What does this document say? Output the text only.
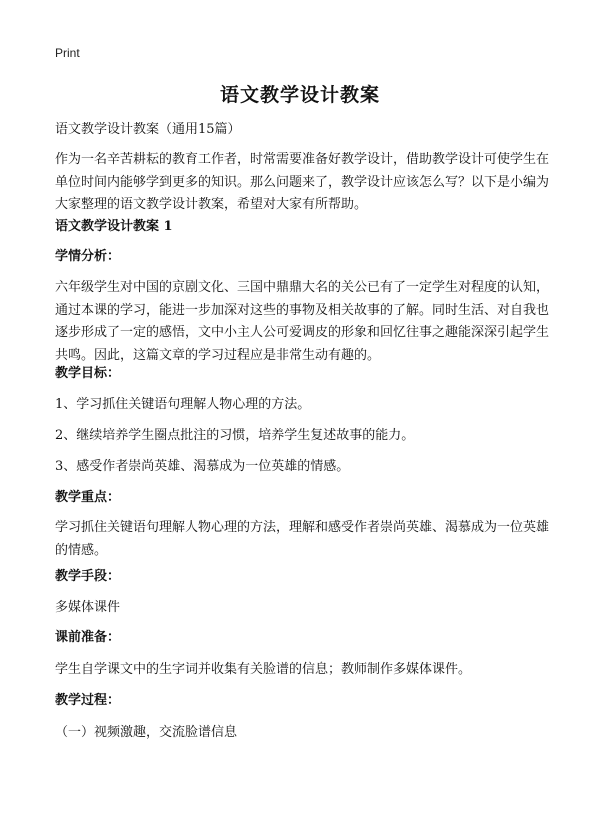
Print
语文教学设计教案
语文教学设计教案（通用15篇）
作为一名辛苦耕耘的教育工作者，时常需要准备好教学设计，借助教学设计可使学生在单位时间内能够学到更多的知识。那么问题来了，教学设计应该怎么写？以下是小编为大家整理的语文教学设计教案，希望对大家有所帮助。
语文教学设计教案 1
学情分析：
六年级学生对中国的京剧文化、三国中鼎鼎大名的关公已有了一定学生对程度的认知，通过本课的学习，能进一步加深对这些的事物及相关故事的了解。同时生活、对自我也逐步形成了一定的感悟，文中小主人公可爱调皮的形象和回忆往事之趣能深深引起学生共鸣。因此，这篇文章的学习过程应是非常生动有趣的。
教学目标：
1、学习抓住关键语句理解人物心理的方法。
2、继续培养学生圈点批注的习惯，培养学生复述故事的能力。
3、感受作者崇尚英雄、渴慕成为一位英雄的情感。
教学重点：
学习抓住关键语句理解人物心理的方法，理解和感受作者崇尚英雄、渴慕成为一位英雄的情感。
教学手段：
多媒体课件
课前准备：
学生自学课文中的生字词并收集有关脸谱的信息；教师制作多媒体课件。
教学过程：
（一）视频激趣，交流脸谱信息
